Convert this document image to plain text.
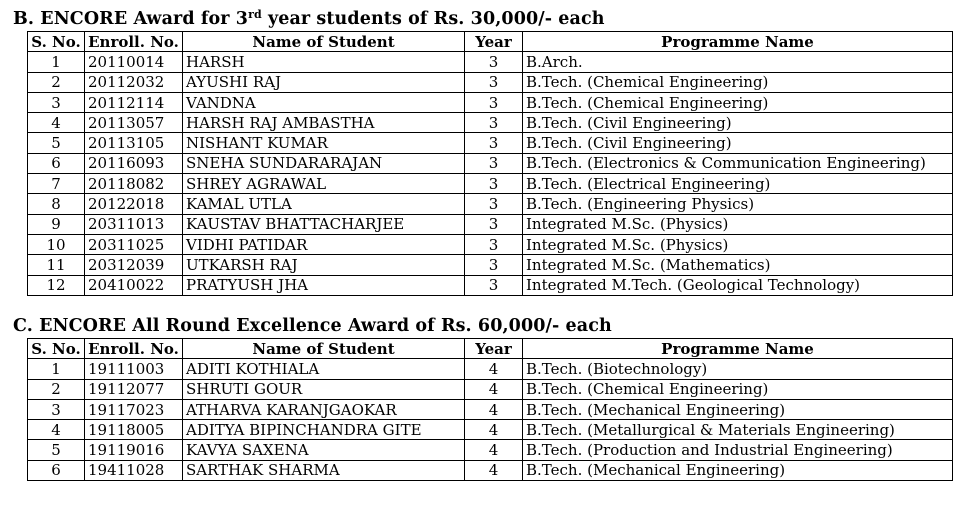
B. ENCORE Award for 3rd year students of Rs. 30,000/- each
S. No.	Enroll. No.	Name of Student	Year	Programme Name
1	20110014	HARSH	3	B.Arch.
2	20112032	AYUSHI RAJ	3	B.Tech. (Chemical Engineering)
3	20112114	VANDNA	3	B.Tech. (Chemical Engineering)
4	20113057	HARSH RAJ AMBASTHA	3	B.Tech. (Civil Engineering)
5	20113105	NISHANT KUMAR	3	B.Tech. (Civil Engineering)
6	20116093	SNEHA SUNDARARAJAN	3	B.Tech. (Electronics & Communication Engineering)
7	20118082	SHREY AGRAWAL	3	B.Tech. (Electrical Engineering)
8	20122018	KAMAL UTLA	3	B.Tech. (Engineering Physics)
9	20311013	KAUSTAV BHATTACHARJEE	3	Integrated M.Sc. (Physics)
10	20311025	VIDHI PATIDAR	3	Integrated M.Sc. (Physics)
11	20312039	UTKARSH RAJ	3	Integrated M.Sc. (Mathematics)
12	20410022	PRATYUSH JHA	3	Integrated M.Tech. (Geological Technology)
C. ENCORE All Round Excellence Award of Rs. 60,000/- each
S. No.	Enroll. No.	Name of Student	Year	Programme Name
1	19111003	ADITI KOTHIALA	4	B.Tech. (Biotechnology)
2	19112077	SHRUTI GOUR	4	B.Tech. (Chemical Engineering)
3	19117023	ATHARVA KARANJGAOKAR	4	B.Tech. (Mechanical Engineering)
4	19118005	ADITYA BIPINCHANDRA GITE	4	B.Tech. (Metallurgical & Materials Engineering)
5	19119016	KAVYA SAXENA	4	B.Tech. (Production and Industrial Engineering)
6	19411028	SARTHAK SHARMA	4	B.Tech. (Mechanical Engineering)
